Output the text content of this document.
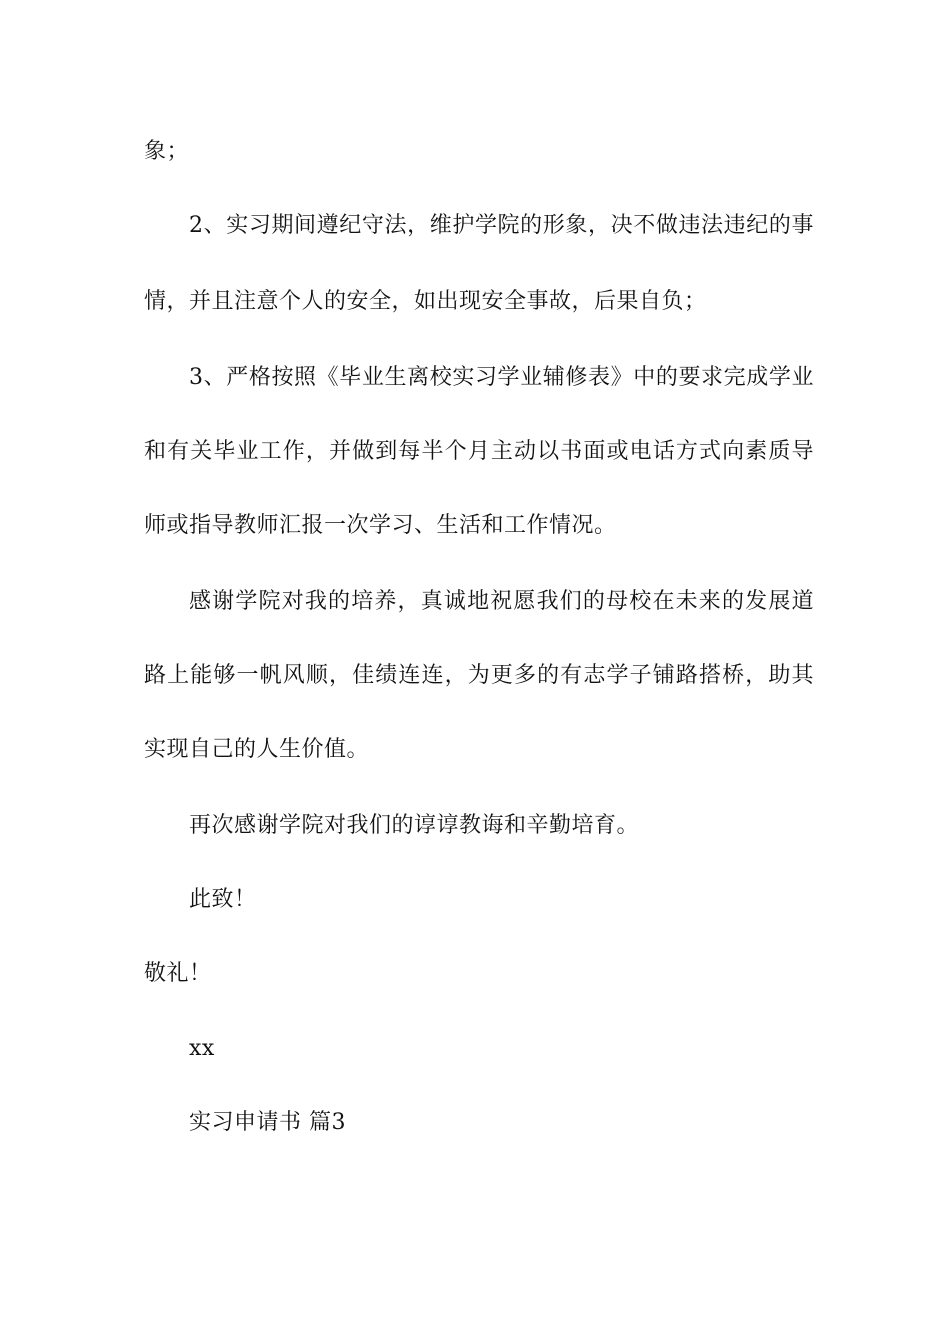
象；
2、实习期间遵纪守法，维护学院的形象，决不做违法违纪的事
情，并且注意个人的安全，如出现安全事故，后果自负；
3、严格按照《毕业生离校实习学业辅修表》中的要求完成学业
和有关毕业工作，并做到每半个月主动以书面或电话方式向素质导
师或指导教师汇报一次学习、生活和工作情况。
感谢学院对我的培养，真诚地祝愿我们的母校在未来的发展道
路上能够一帆风顺，佳绩连连，为更多的有志学子铺路搭桥，助其
实现自己的人生价值。
再次感谢学院对我们的谆谆教诲和辛勤培育。
此致！
敬礼！
xx
实习申请书 篇3
